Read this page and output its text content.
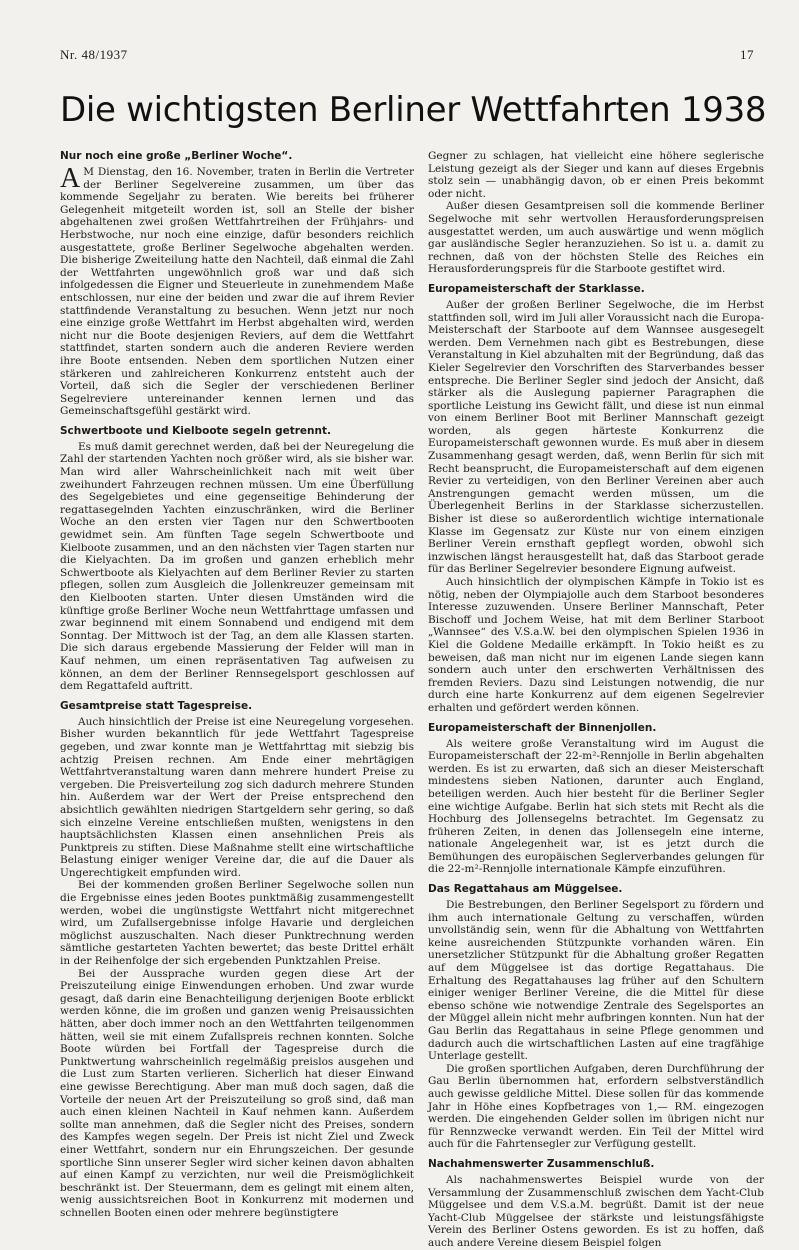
Nr. 48/1937	17
Die wichtigsten Berliner Wettfahrten 1938
Nur noch eine große „Berliner Woche“.

A M Dienstag, den 16. November, traten in Berlin die Vertreter der Berliner Segelvereine zusammen, um über das kommende Segeljahr zu beraten. Wie bereits bei früherer Gelegenheit mitgeteilt worden ist, soll an Stelle der bisher abgehaltenen zwei großen Wettfahrtreihen der Frühjahrs- und Herbstwoche, nur noch eine einzige, dafür besonders reichlich ausgestattete, große Berliner Segelwoche abgehalten werden. Die bisherige Zweiteilung hatte den Nachteil, daß einmal die Zahl der Wettfahrten ungewöhnlich groß war und daß sich infolgedessen die Eigner und Steuerleute in zunehmendem Maße entschlossen, nur eine der beiden und zwar die auf ihrem Revier stattfindende Veranstaltung zu besuchen. Wenn jetzt nur noch eine einzige große Wettfahrt im Herbst abgehalten wird, werden nicht nur die Boote desjenigen Reviers, auf dem die Wettfahrt stattfindet, starten sondern auch die anderen Reviere werden ihre Boote entsenden. Neben dem sportlichen Nutzen einer stärkeren und zahlreicheren Konkurrenz entsteht auch der Vorteil, daß sich die Segler der verschiedenen Berliner Segelreviere untereinander kennen lernen und das Gemeinschaftsgefühl gestärkt wird.

Schwertboote und Kielboote segeln getrennt.

Es muß damit gerechnet werden, daß bei der Neuregelung die Zahl der startenden Yachten noch größer wird, als sie bisher war. Man wird aller Wahrscheinlichkeit nach mit weit über zweihundert Fahrzeugen rechnen müssen. Um eine Überfüllung des Segelgebietes und eine gegenseitige Behinderung der regattasegelnden Yachten einzuschränken, wird die Berliner Woche an den ersten vier Tagen nur den Schwertbooten gewidmet sein. Am fünften Tage segeln Schwertboote und Kielboote zusammen, und an den nächsten vier Tagen starten nur die Kielyachten. Da im großen und ganzen erheblich mehr Schwertboote als Kielyachten auf dem Berliner Revier zu starten pflegen, sollen zum Ausgleich die Jollenkreuzer gemeinsam mit den Kielbooten starten. Unter diesen Umständen wird die künftige große Berliner Woche neun Wettfahrttage umfassen und zwar beginnend mit einem Sonnabend und endigend mit dem Sonntag. Der Mittwoch ist der Tag, an dem alle Klassen starten. Die sich daraus ergebende Massierung der Felder will man in Kauf nehmen, um einen repräsentativen Tag aufweisen zu können, an dem der Berliner Rennsegelsport geschlossen auf dem Regattafeld auftritt.

Gesamtpreise statt Tagespreise.

Auch hinsichtlich der Preise ist eine Neuregelung vorgesehen. Bisher wurden bekanntlich für jede Wettfahrt Tagespreise gegeben, und zwar konnte man je Wettfahrttag mit siebzig bis achtzig Preisen rechnen. Am Ende einer mehrtägigen Wettfahrtveranstaltung waren dann mehrere hundert Preise zu vergeben. Die Preisverteilung zog sich dadurch mehrere Stunden hin. Außerdem war der Wert der Preise entsprechend den absichtlich gewählten niedrigen Startgeldern sehr gering, so daß sich einzelne Vereine entschließen mußten, wenigstens in den hauptsächlichsten Klassen einen ansehnlichen Preis als Punktpreis zu stiften. Diese Maßnahme stellt eine wirtschaftliche Belastung einiger weniger Vereine dar, die auf die Dauer als Ungerechtigkeit empfunden wird.

Bei der kommenden großen Berliner Segelwoche sollen nun die Ergebnisse eines jeden Bootes punktmäßig zusammengestellt werden, wobei die ungünstigste Wettfahrt nicht mitgerechnet wird, um Zufallsergebnisse infolge Havarie und dergleichen möglichst auszuschalten. Nach dieser Punktrechnung werden sämtliche gestarteten Yachten bewertet; das beste Drittel erhält in der Reihenfolge der sich ergebenden Punktzahlen Preise.

Bei der Aussprache wurden gegen diese Art der Preiszuteilung einige Einwendungen erhoben. Und zwar wurde gesagt, daß darin eine Benachteiligung derjenigen Boote erblickt werden könne, die im großen und ganzen wenig Preisaussichten hätten, aber doch immer noch an den Wettfahrten teilgenommen hätten, weil sie mit einem Zufallspreis rechnen konnten. Solche Boote würden bei Fortfall der Tagespreise durch die Punktwertung wahrscheinlich regelmäßig preislos ausgehen und die Lust zum Starten verlieren. Sicherlich hat dieser Einwand eine gewisse Berechtigung. Aber man muß doch sagen, daß die Vorteile der neuen Art der Preiszuteilung so groß sind, daß man auch einen kleinen Nachteil in Kauf nehmen kann. Außerdem sollte man annehmen, daß die Segler nicht des Preises, sondern des Kampfes wegen segeln. Der Preis ist nicht Ziel und Zweck einer Wettfahrt, sondern nur ein Ehrungszeichen. Der gesunde sportliche Sinn unserer Segler wird sicher keinen davon abhalten auf einen Kampf zu verzichten, nur weil die Preismöglichkeit beschränkt ist. Der Steuermann, dem es gelingt mit einem alten, wenig aussichtsreichen Boot in Konkurrenz mit modernen und schnellen Booten einen oder mehrere begünstigtere

Gegner zu schlagen, hat vielleicht eine höhere seglerische Leistung gezeigt als der Sieger und kann auf dieses Ergebnis stolz sein — unabhängig davon, ob er einen Preis bekommt oder nicht.

Außer diesen Gesamtpreisen soll die kommende Berliner Segelwoche mit sehr wertvollen Herausforderungspreisen ausgestattet werden, um auch auswärtige und wenn möglich gar ausländische Segler heranzuziehen. So ist u. a. damit zu rechnen, daß von der höchsten Stelle des Reiches ein Herausforderungspreis für die Starboote gestiftet wird.

Europameisterschaft der Starklasse.

Außer der großen Berliner Segelwoche, die im Herbst stattfinden soll, wird im Juli aller Voraussicht nach die Europa-Meisterschaft der Starboote auf dem Wannsee ausgesegelt werden. Dem Vernehmen nach gibt es Bestrebungen, diese Veranstaltung in Kiel abzuhalten mit der Begründung, daß das Kieler Segelrevier den Vorschriften des Starverbandes besser entspreche. Die Berliner Segler sind jedoch der Ansicht, daß stärker als die Auslegung papierner Paragraphen die sportliche Leistung ins Gewicht fällt, und diese ist nun einmal von einem Berliner Boot mit Berliner Mannschaft gezeigt worden, als gegen härteste Konkurrenz die Europameisterschaft gewonnen wurde. Es muß aber in diesem Zusammenhang gesagt werden, daß, wenn Berlin für sich mit Recht beansprucht, die Europameisterschaft auf dem eigenen Revier zu verteidigen, von den Berliner Vereinen aber auch Anstrengungen gemacht werden müssen, um die Überlegenheit Berlins in der Starklasse sicherzustellen. Bisher ist diese so außerordentlich wichtige internationale Klasse im Gegensatz zur Küste nur von einem einzigen Berliner Verein ernsthaft gepflegt worden, obwohl sich inzwischen längst herausgestellt hat, daß das Starboot gerade für das Berliner Segelrevier besondere Eignung aufweist.

Auch hinsichtlich der olympischen Kämpfe in Tokio ist es nötig, neben der Olympiajolle auch dem Starboot besonderes Interesse zuzuwenden. Unsere Berliner Mannschaft, Peter Bischoff und Jochem Weise, hat mit dem Berliner Starboot „Wannsee“ des V.S.a.W. bei den olympischen Spielen 1936 in Kiel die Goldene Medaille erkämpft. In Tokio heißt es zu beweisen, daß man nicht nur im eigenen Lande siegen kann sondern auch unter den erschwerten Verhältnissen des fremden Reviers. Dazu sind Leistungen notwendig, die nur durch eine harte Konkurrenz auf dem eigenen Segelrevier erhalten und gefördert werden können.

Europameisterschaft der Binnenjollen.

Als weitere große Veranstaltung wird im August die Europameisterschaft der 22-m²-Rennjolle in Berlin abgehalten werden. Es ist zu erwarten, daß sich an dieser Meisterschaft mindestens sieben Nationen, darunter auch England, beteiligen werden. Auch hier besteht für die Berliner Segler eine wichtige Aufgabe. Berlin hat sich stets mit Recht als die Hochburg des Jollensegelns betrachtet. Im Gegensatz zu früheren Zeiten, in denen das Jollensegeln eine interne, nationale Angelegenheit war, ist es jetzt durch die Bemühungen des europäischen Seglerverbandes gelungen für die 22-m²-Rennjolle internationale Kämpfe einzuführen.

Das Regattahaus am Müggelsee.

Die Bestrebungen, den Berliner Segelsport zu fördern und ihm auch internationale Geltung zu verschaffen, würden unvollständig sein, wenn für die Abhaltung von Wettfahrten keine ausreichenden Stützpunkte vorhanden wären. Ein unersetzlicher Stützpunkt für die Abhaltung großer Regatten auf dem Müggelsee ist das dortige Regattahaus. Die Erhaltung des Regattahauses lag früher auf den Schultern einiger weniger Berliner Vereine, die die Mittel für diese ebenso schöne wie notwendige Zentrale des Segelsportes an der Müggel allein nicht mehr aufbringen konnten. Nun hat der Gau Berlin das Regattahaus in seine Pflege genommen und dadurch auch die wirtschaftlichen Lasten auf eine tragfähige Unterlage gestellt.

Die großen sportlichen Aufgaben, deren Durchführung der Gau Berlin übernommen hat, erfordern selbstverständlich auch gewisse geldliche Mittel. Diese sollen für das kommende Jahr in Höhe eines Kopfbetrages von 1,— RM. eingezogen werden. Die eingehenden Gelder sollen im übrigen nicht nur für Rennzwecke verwandt werden. Ein Teil der Mittel wird auch für die Fahrtensegler zur Verfügung gestellt.

Nachahmenswerter Zusammenschluß.

Als nachahmenswertes Beispiel wurde von der Versammlung der Zusammenschluß zwischen dem Yacht-Club Müggelsee und dem V.S.a.M. begrüßt. Damit ist der neue Yacht-Club Müggelsee der stärkste und leistungsfähigste Verein des Berliner Ostens geworden. Es ist zu hoffen, daß auch andere Vereine diesem Beispiel folgen
